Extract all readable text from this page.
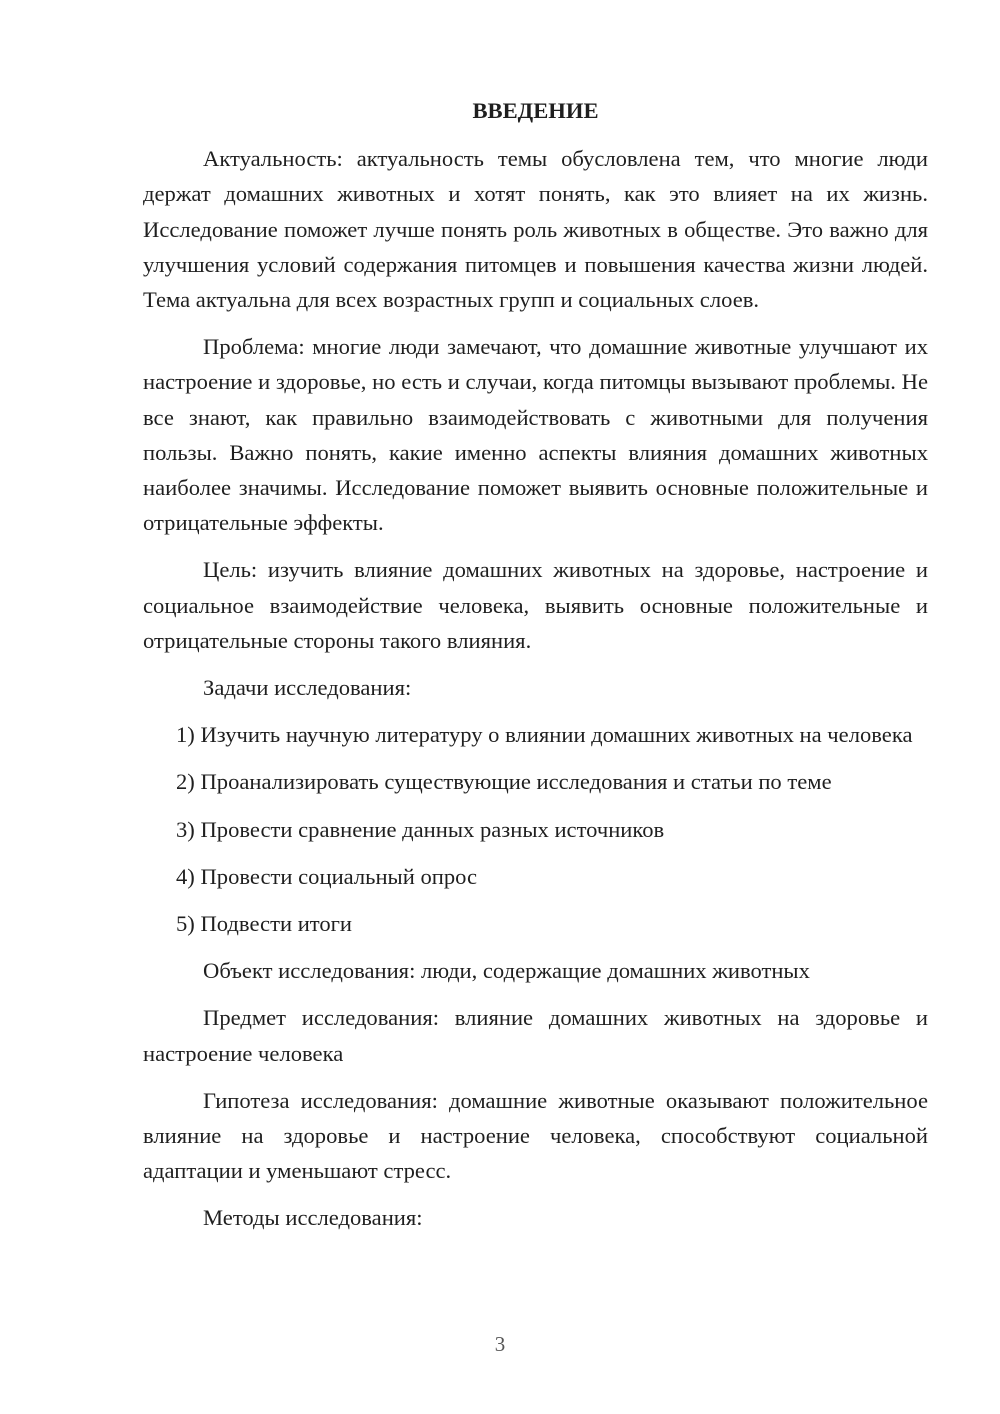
ВВЕДЕНИЕ

Актуальность: актуальность темы обусловлена тем, что многие люди держат домашних животных и хотят понять, как это влияет на их жизнь. Исследование поможет лучше понять роль животных в обществе. Это важно для улучшения условий содержания питомцев и повышения качества жизни людей. Тема актуальна для всех возрастных групп и социальных слоев.

Проблема: многие люди замечают, что домашние животные улучшают их настроение и здоровье, но есть и случаи, когда питомцы вызывают проблемы. Не все знают, как правильно взаимодействовать с животными для получения пользы. Важно понять, какие именно аспекты влияния домашних животных наиболее значимы. Исследование поможет выявить основные положительные и отрицательные эффекты.

Цель: изучить влияние домашних животных на здоровье, настроение и социальное взаимодействие человека, выявить основные положительные и отрицательные стороны такого влияния.

Задачи исследования:

1) Изучить научную литературу о влиянии домашних животных на человека

2) Проанализировать существующие исследования и статьи по теме

3) Провести сравнение данных разных источников

4) Провести социальный опрос

5) Подвести итоги

Объект исследования: люди, содержащие домашних животных

Предмет исследования: влияние домашних животных на здоровье и настроение человека

Гипотеза исследования: домашние животные оказывают положительное влияние на здоровье и настроение человека, способствуют социальной адаптации и уменьшают стресс.

Методы исследования:

3
